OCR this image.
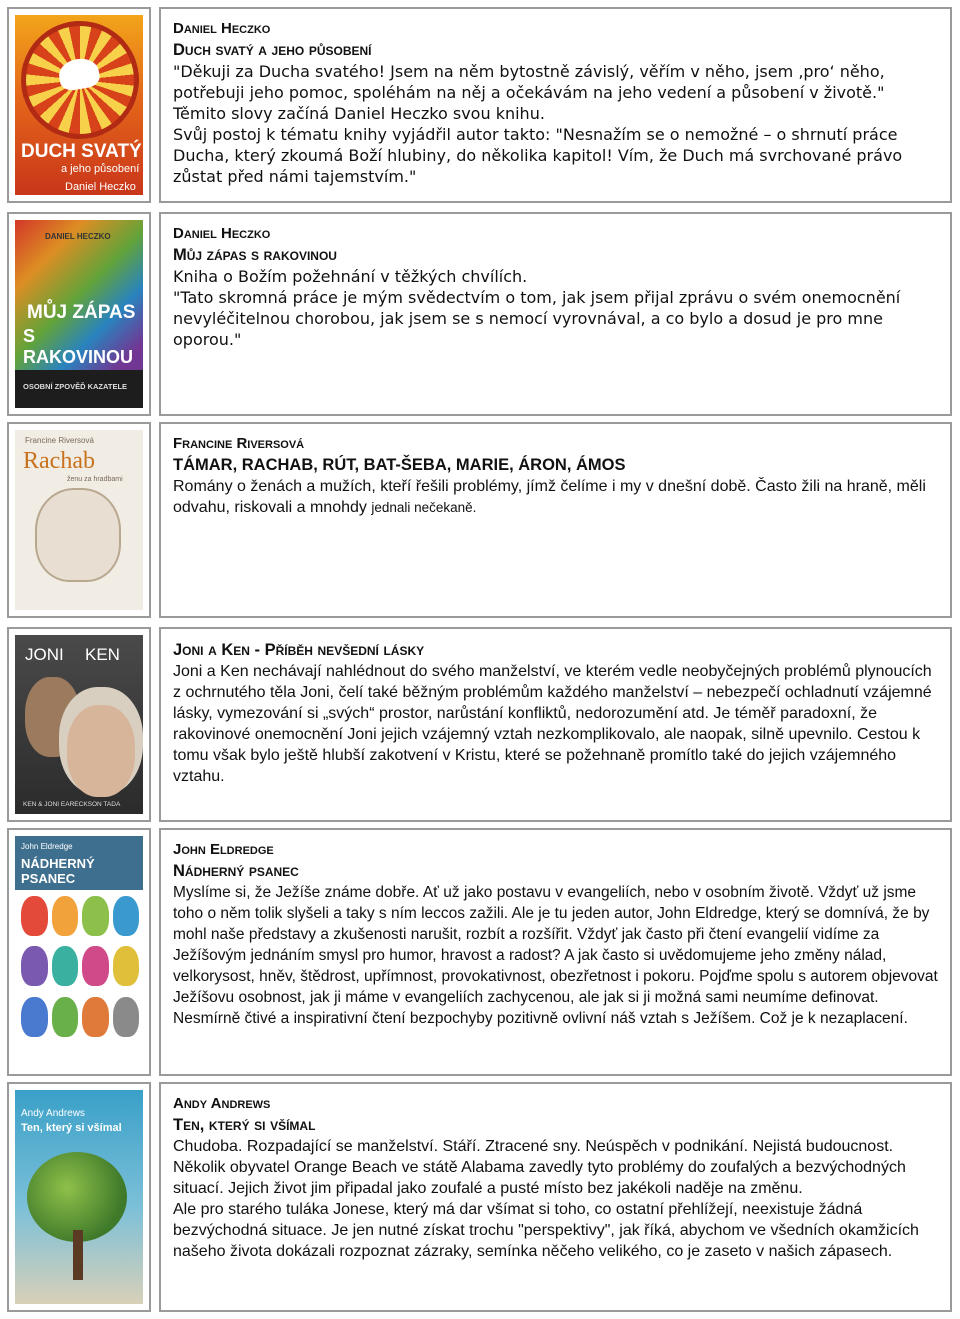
DUCH SVATÝ
a jeho působení
Daniel Heczko
Daniel Heczko
Duch svatý a jeho působení

"Děkuji za Ducha svatého! Jsem na něm bytostně závislý, věřím v něho, jsem ‚pro‘ něho, potřebuji jeho pomoc, spoléhám na něj a očekávám na jeho vedení a působení v životě." Těmito slovy začíná Daniel Heczko svou knihu.

Svůj postoj k tématu knihy vyjádřil autor takto: "Nesnažím se o nemožné – o shrnutí práce Ducha, který zkoumá Boží hlubiny, do několika kapitol! Vím, že Duch má svrchované právo zůstat před námi tajemstvím."

DANIEL HECZKO
MŮJ ZÁPAS
S RAKOVINOU
OSOBNÍ ZPOVĚĎ KAZATELE
Daniel Heczko
Můj zápas s rakovinou

Kniha o Božím požehnání v těžkých chvílích.

"Tato skromná práce je mým svědectvím o tom, jak jsem přijal zprávu o svém onemocnění nevyléčitelnou chorobou, jak jsem se s nemocí vyrovnával, a co bylo a dosud je pro mne oporou."

Francine Riversová
Rachab
ženu za hradbami
Francine Riversová
TÁMAR, RACHAB, RÚT, BAT-ŠEBA, MARIE, ÁRON, ÁMOS

Romány o ženách a mužích, kteří řešili problémy, jímž čelíme i my v dnešní době. Často žili na hraně, měli odvahu, riskovali a mnohdy jednali nečekaně.

JONI KEN
KEN & JONI EARECKSON TADA
Joni a Ken - Příběh nevšední lásky

Joni a Ken nechávají nahlédnout do svého manželství, ve kterém vedle neobyčejných problémů plynoucích z ochrnutého těla Joni, čelí také běžným problémům každého manželství – nebezpečí ochladnutí vzájemné lásky, vymezování si „svých“ prostor, narůstání konfliktů, nedorozumění atd. Je téměř paradoxní, že rakovinové onemocnění Joni jejich vzájemný vztah nezkomplikovalo, ale naopak, silně upevnilo. Cestou k tomu však bylo ještě hlubší zakotvení v Kristu, které se požehnaně promítlo také do jejich vzájemného vztahu.

John Eldredge
NÁDHERNÝ PSANEC
John Eldredge
Nádherný psanec

Myslíme si, že Ježíše známe dobře. Ať už jako postavu v evangeliích, nebo v osobním životě. Vždyť už jsme toho o něm tolik slyšeli a taky s ním leccos zažili. Ale je tu jeden autor, John Eldredge, který se domnívá, že by mohl naše představy a zkušenosti narušit, rozbít a rozšířit. Vždyť jak často při čtení evangelií vidíme za Ježíšovým jednáním smysl pro humor, hravost a radost? A jak často si uvědomujeme jeho změny nálad, velkorysost, hněv, štědrost, upřímnost, provokativnost, obezřetnost i pokoru. Pojďme spolu s autorem objevovat Ježíšovu osobnost, jak ji máme v evangeliích zachycenou, ale jak si ji možná sami neumíme definovat. Nesmírně čtivé a inspirativní čtení bezpochyby pozitivně ovlivní náš vztah s Ježíšem. Což je k nezaplacení.

Andy Andrews
Ten, který si všímal
Andy Andrews
Ten, který si všímal

Chudoba. Rozpadající se manželství. Stáří. Ztracené sny. Neúspěch v podnikání. Nejistá budoucnost. Několik obyvatel Orange Beach ve státě Alabama zavedly tyto problémy do zoufalých a bezvýchodných situací. Jejich život jim připadal jako zoufalé a pusté místo bez jakékoli naděje na změnu.

Ale pro starého tuláka Jonese, který má dar všímat si toho, co ostatní přehlížejí, neexistuje žádná bezvýchodná situace. Je jen nutné získat trochu "perspektivy", jak říká, abychom ve všedních okamžicích našeho života dokázali rozpoznat zázraky, semínka něčeho velikého, co je zaseto v našich zápasech.
